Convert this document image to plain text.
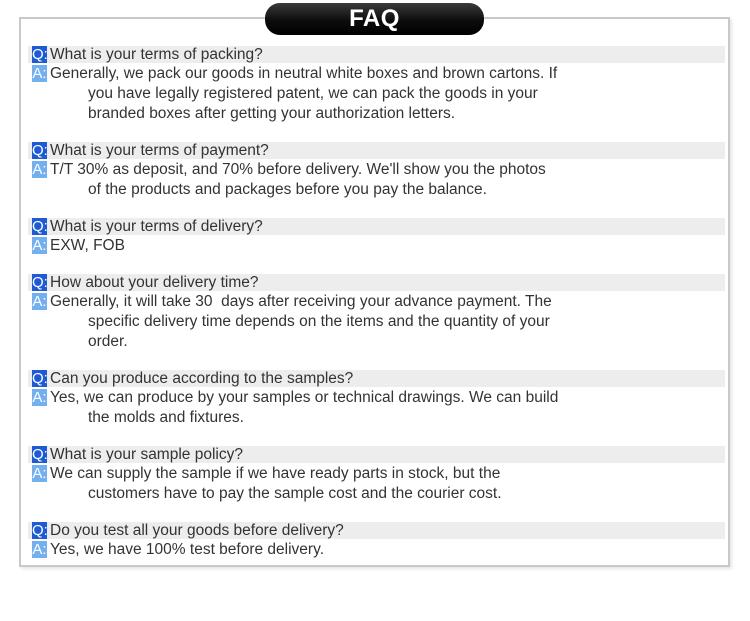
FAQ
Q: What is your terms of packing?
A: Generally, we pack our goods in neutral white boxes and brown cartons. If
you have legally registered patent, we can pack the goods in your
branded boxes after getting your authorization letters.
Q: What is your terms of payment?
A: T/T 30% as deposit, and 70% before delivery. We'll show you the photos
of the products and packages before you pay the balance.
Q: What is your terms of delivery?
A: EXW, FOB
Q: How about your delivery time?
A: Generally, it will take 30  days after receiving your advance payment. The
specific delivery time depends on the items and the quantity of your
order.
Q: Can you produce according to the samples?
A: Yes, we can produce by your samples or technical drawings. We can build
the molds and fixtures.
Q: What is your sample policy?
A: We can supply the sample if we have ready parts in stock, but the
customers have to pay the sample cost and the courier cost.
Q: Do you test all your goods before delivery?
A: Yes, we have 100% test before delivery.
